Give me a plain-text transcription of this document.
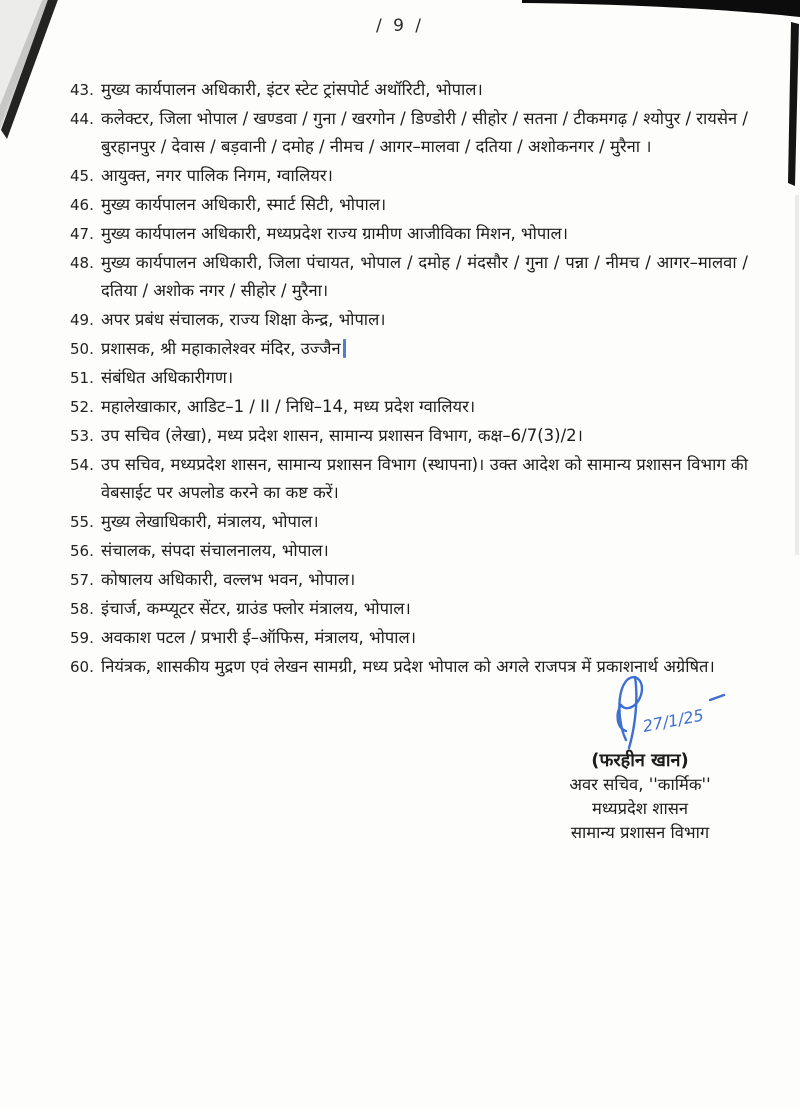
/ 9 /
43. मुख्य कार्यपालन अधिकारी, इंटर स्टेट ट्रांसपोर्ट अथॉरिटी, भोपाल।
44. कलेक्टर, जिला भोपाल / खण्डवा / गुना / खरगोन / डिण्डोरी / सीहोर / सतना / टीकमगढ़ / श्योपुर / रायसेन / बुरहानपुर / देवास / बड़वानी / दमोह / नीमच / आगर–मालवा / दतिया / अशोकनगर / मुरैना ।
45. आयुक्त, नगर पालिक निगम, ग्वालियर।
46. मुख्य कार्यपालन अधिकारी, स्मार्ट सिटी, भोपाल।
47. मुख्य कार्यपालन अधिकारी, मध्यप्रदेश राज्य ग्रामीण आजीविका मिशन, भोपाल।
48. मुख्य कार्यपालन अधिकारी, जिला पंचायत, भोपाल / दमोह / मंदसौर / गुना / पन्ना / नीमच / आगर–मालवा / दतिया / अशोक नगर / सीहोर / मुरैना।
49. अपर प्रबंध संचालक, राज्य शिक्षा केन्द्र, भोपाल।
50. प्रशासक, श्री महाकालेश्वर मंदिर, उज्जैन
51. संबंधित अधिकारीगण।
52. महालेखाकार, आडिट–1 / II / निधि–14, मध्य प्रदेश ग्वालियर।
53. उप सचिव (लेखा), मध्य प्रदेश शासन, सामान्य प्रशासन विभाग, कक्ष–6/7(3)/2।
54. उप सचिव, मध्यप्रदेश शासन, सामान्य प्रशासन विभाग (स्थापना)। उक्त आदेश को सामान्य प्रशासन विभाग की वेबसाईट पर अपलोड करने का कष्ट करें।
55. मुख्य लेखाधिकारी, मंत्रालय, भोपाल।
56. संचालक, संपदा संचालनालय, भोपाल।
57. कोषालय अधिकारी, वल्लभ भवन, भोपाल।
58. इंचार्ज, कम्प्यूटर सेंटर, ग्राउंड फ्लोर मंत्रालय, भोपाल।
59. अवकाश पटल / प्रभारी ई–ऑफिस, मंत्रालय, भोपाल।
60. नियंत्रक, शासकीय मुद्रण एवं लेखन सामग्री, मध्य प्रदेश भोपाल को अगले राजपत्र में प्रकाशनार्थ अग्रेषित।
27/1/25
(फरहीन खान)
अवर सचिव, ''कार्मिक''
मध्यप्रदेश शासन
सामान्य प्रशासन विभाग
